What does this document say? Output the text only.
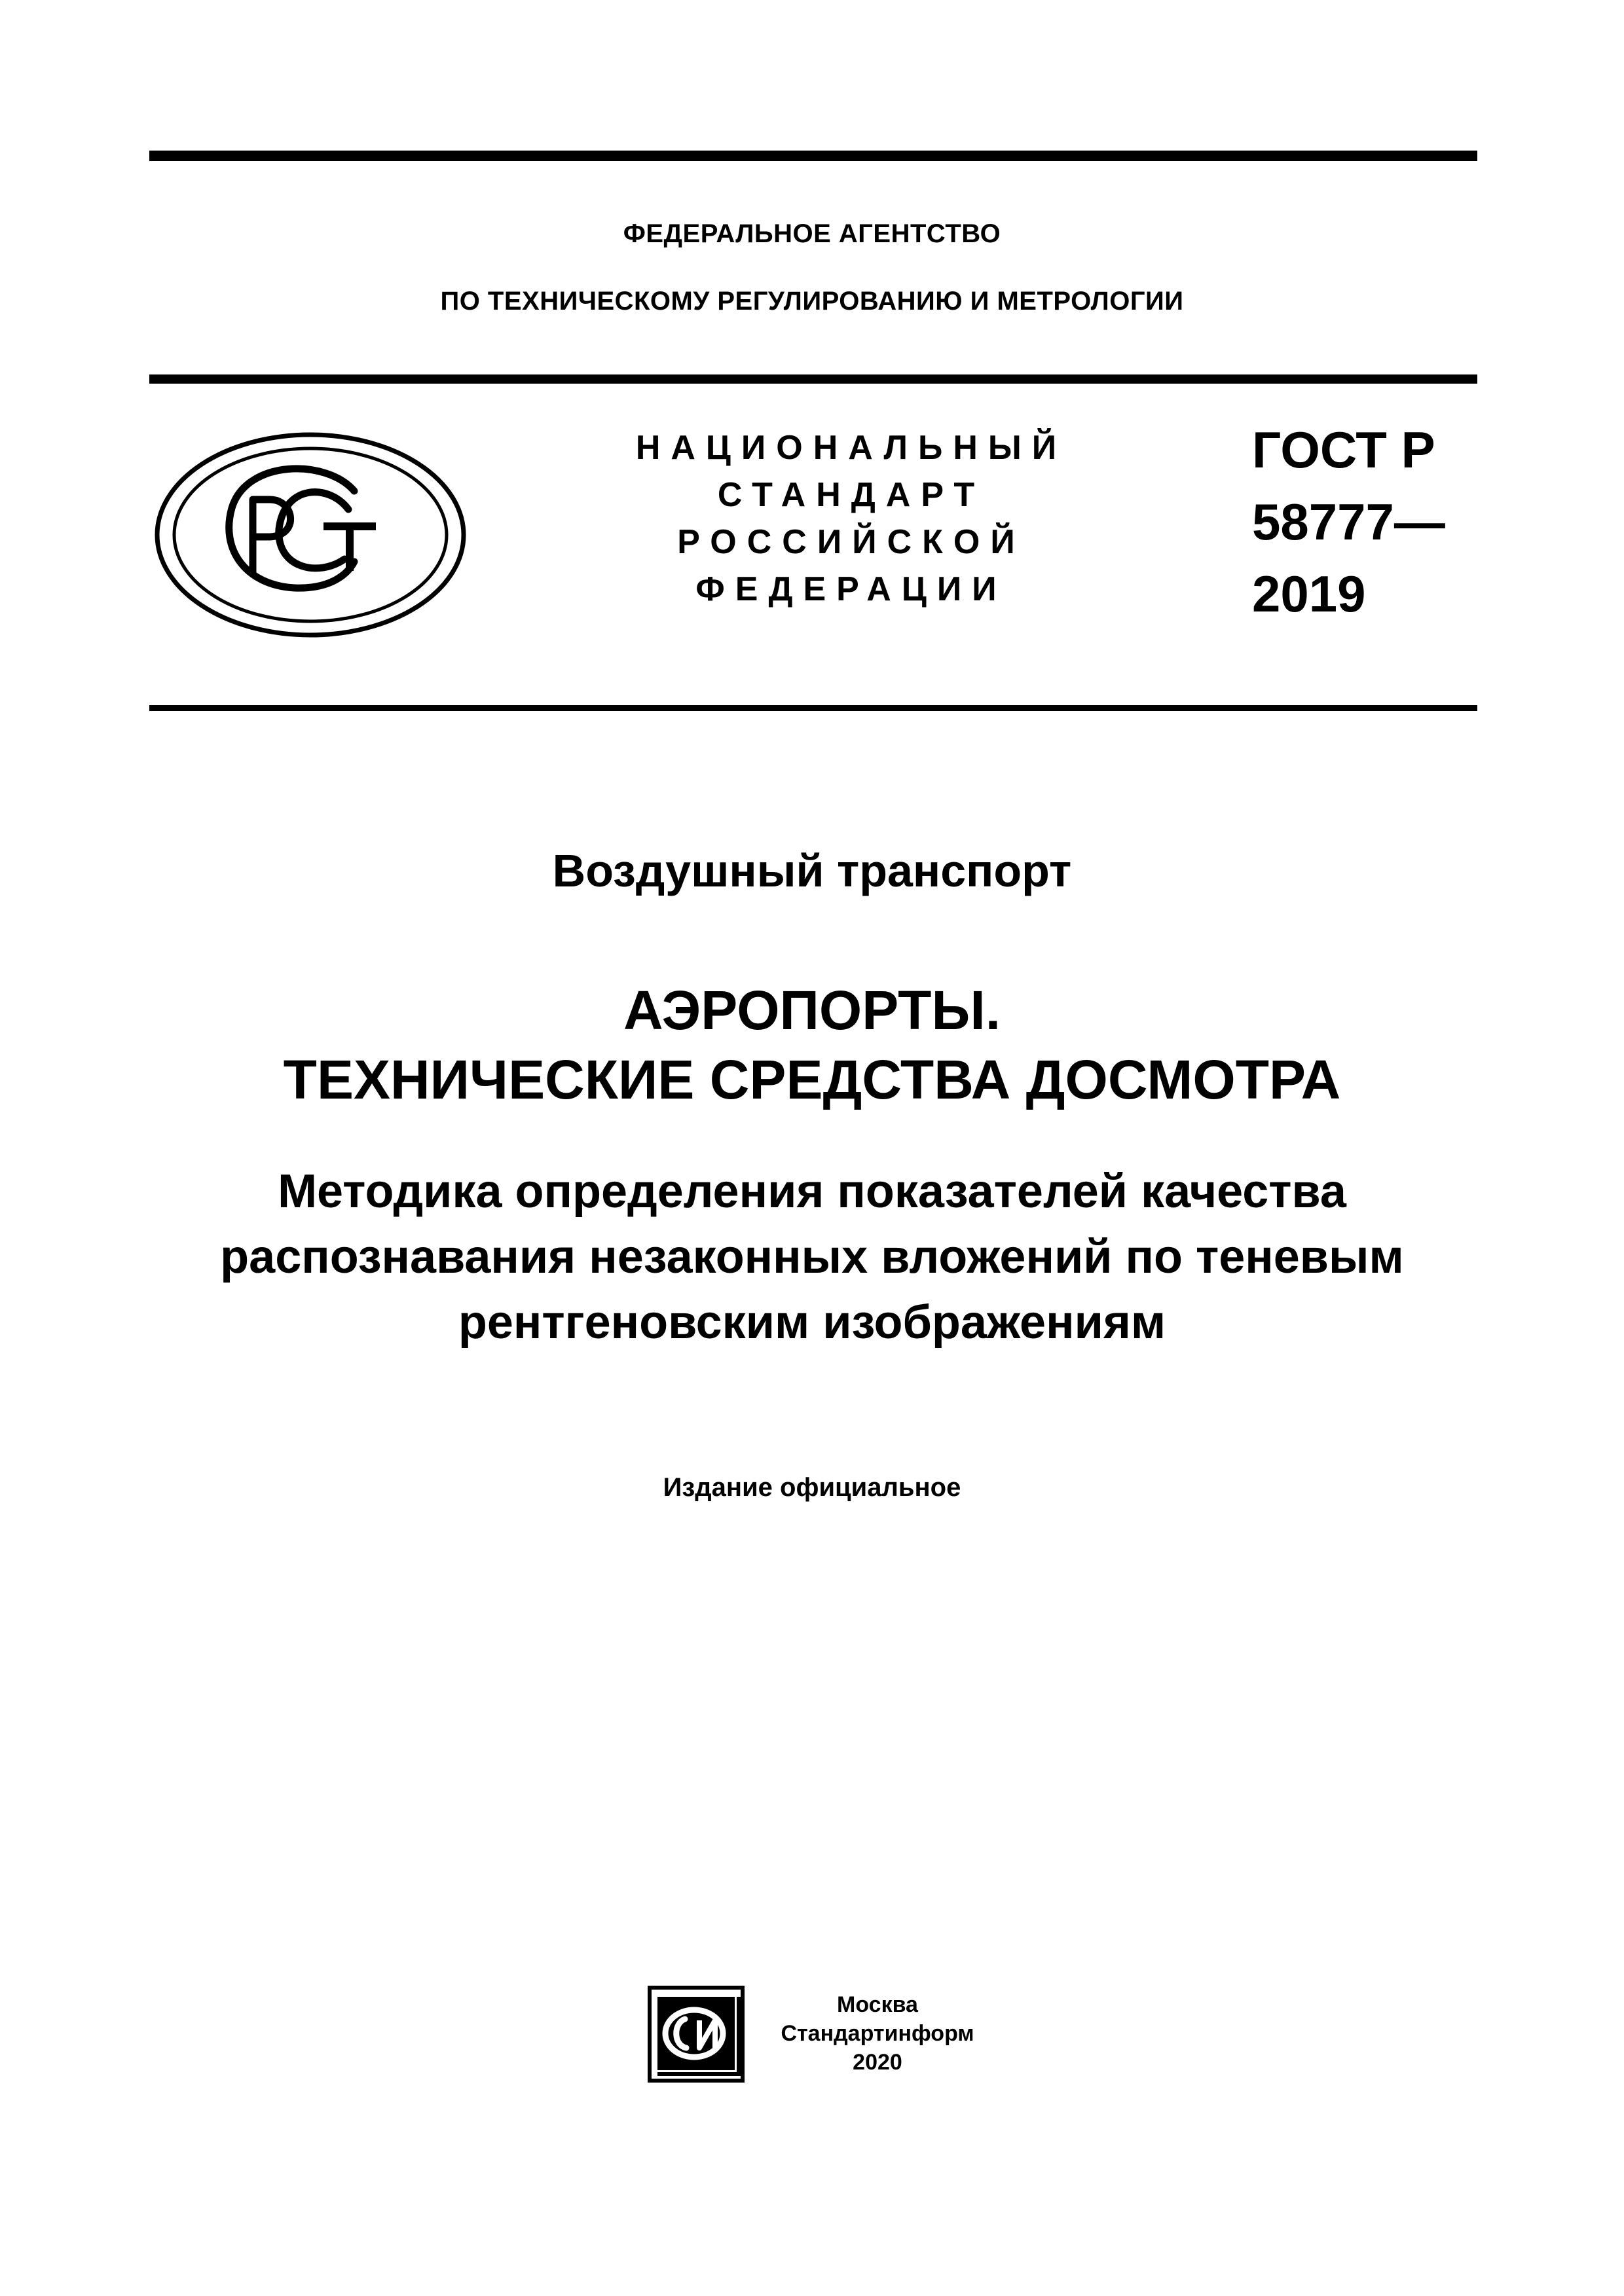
ФЕДЕРАЛЬНОЕ АГЕНТСТВО
ПО ТЕХНИЧЕСКОМУ РЕГУЛИРОВАНИЮ И МЕТРОЛОГИИ
НАЦИОНАЛЬНЫЙ
СТАНДАРТ
РОССИЙСКОЙ
ФЕДЕРАЦИИ
ГОСТ Р
58777—
2019
Воздушный транспорт
АЭРОПОРТЫ.
ТЕХНИЧЕСКИЕ СРЕДСТВА ДОСМОТРА
Методика определения показателей качества
распознавания незаконных вложений по теневым
рентгеновским изображениям
Издание официальное
Москва
Стандартинформ
2020
